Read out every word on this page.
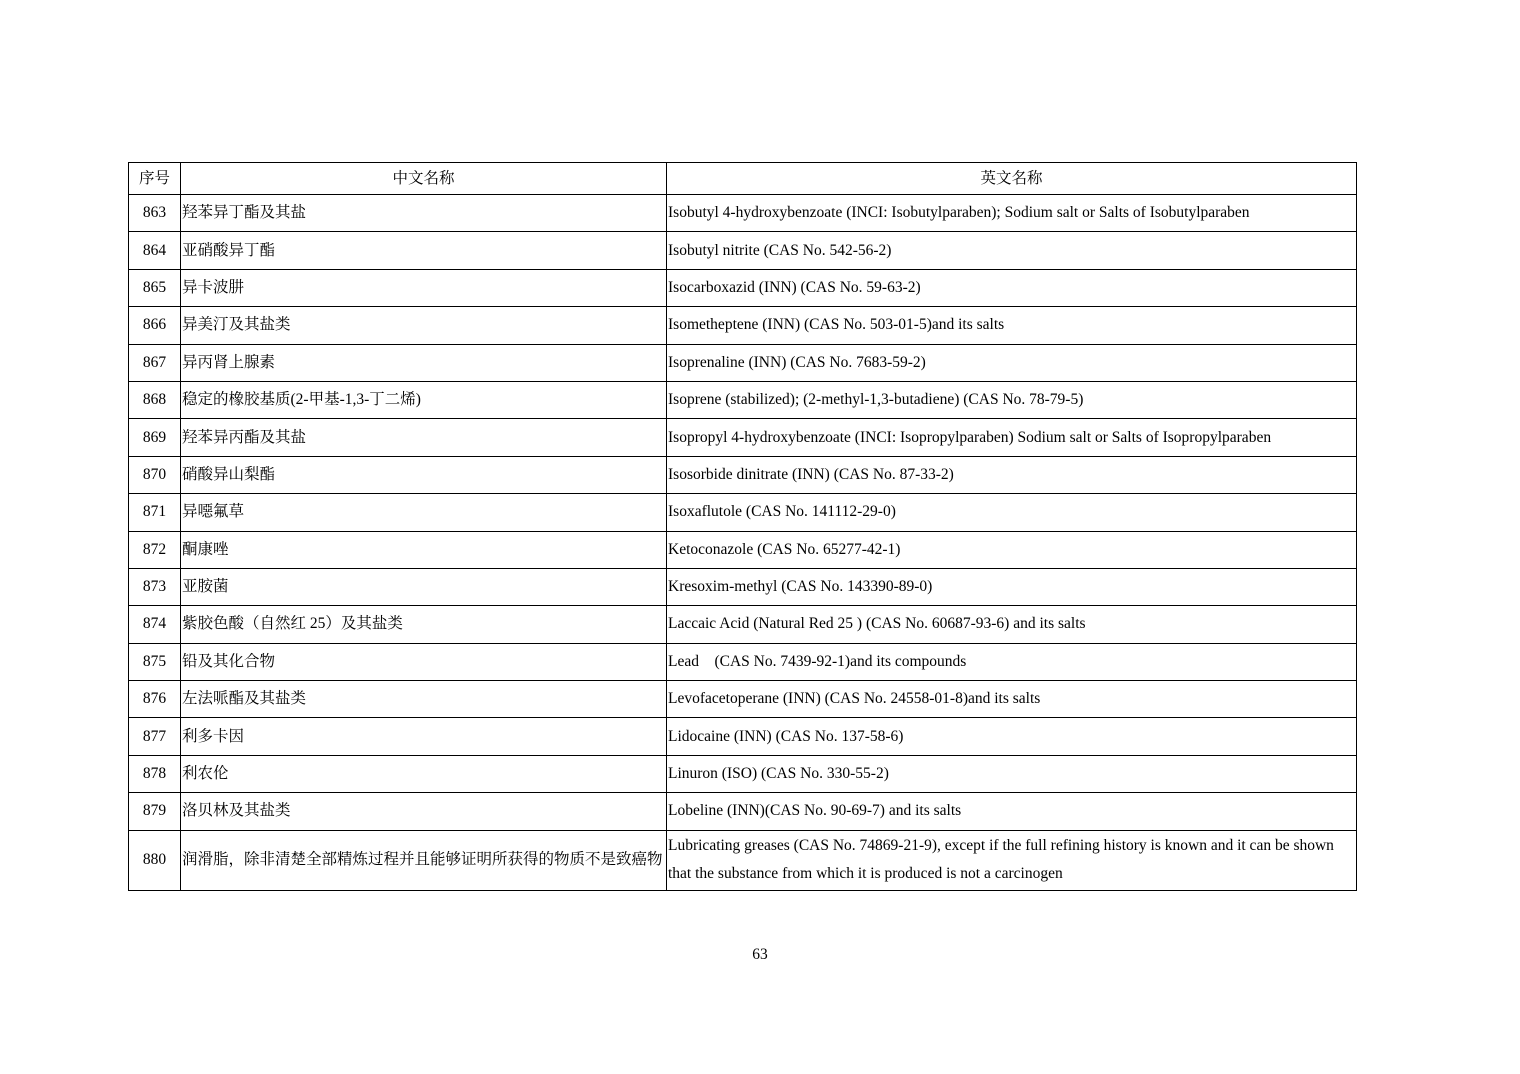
序号	中文名称	英文名称
863	羟苯异丁酯及其盐	Isobutyl 4-hydroxybenzoate (INCI: Isobutylparaben); Sodium salt or Salts of Isobutylparaben
864	亚硝酸异丁酯	Isobutyl nitrite (CAS No. 542-56-2)
865	异卡波肼	Isocarboxazid (INN) (CAS No. 59-63-2)
866	异美汀及其盐类	Isometheptene (INN) (CAS No. 503-01-5)and its salts
867	异丙肾上腺素	Isoprenaline (INN) (CAS No. 7683-59-2)
868	稳定的橡胶基质(2-甲基-1,3-丁二烯)	Isoprene (stabilized); (2-methyl-1,3-butadiene) (CAS No. 78-79-5)
869	羟苯异丙酯及其盐	Isopropyl 4-hydroxybenzoate (INCI: Isopropylparaben) Sodium salt or Salts of Isopropylparaben
870	硝酸异山梨酯	Isosorbide dinitrate (INN) (CAS No. 87-33-2)
871	异噁氟草	Isoxaflutole (CAS No. 141112-29-0)
872	酮康唑	Ketoconazole (CAS No. 65277-42-1)
873	亚胺菌	Kresoxim-methyl (CAS No. 143390-89-0)
874	紫胶色酸（自然红 25）及其盐类	Laccaic Acid (Natural Red 25 ) (CAS No. 60687-93-6) and its salts
875	铅及其化合物	Lead    (CAS No. 7439-92-1)and its compounds
876	左法哌酯及其盐类	Levofacetoperane (INN) (CAS No. 24558-01-8)and its salts
877	利多卡因	Lidocaine (INN) (CAS No. 137-58-6)
878	利农伦	Linuron (ISO) (CAS No. 330-55-2)
879	洛贝林及其盐类	Lobeline (INN)(CAS No. 90-69-7) and its salts
880	润滑脂，除非清楚全部精炼过程并且能够证明所获得的物质不是致癌物	Lubricating greases (CAS No. 74869-21-9), except if the full refining history is known and it can be shown that the substance from which it is produced is not a carcinogen
63
